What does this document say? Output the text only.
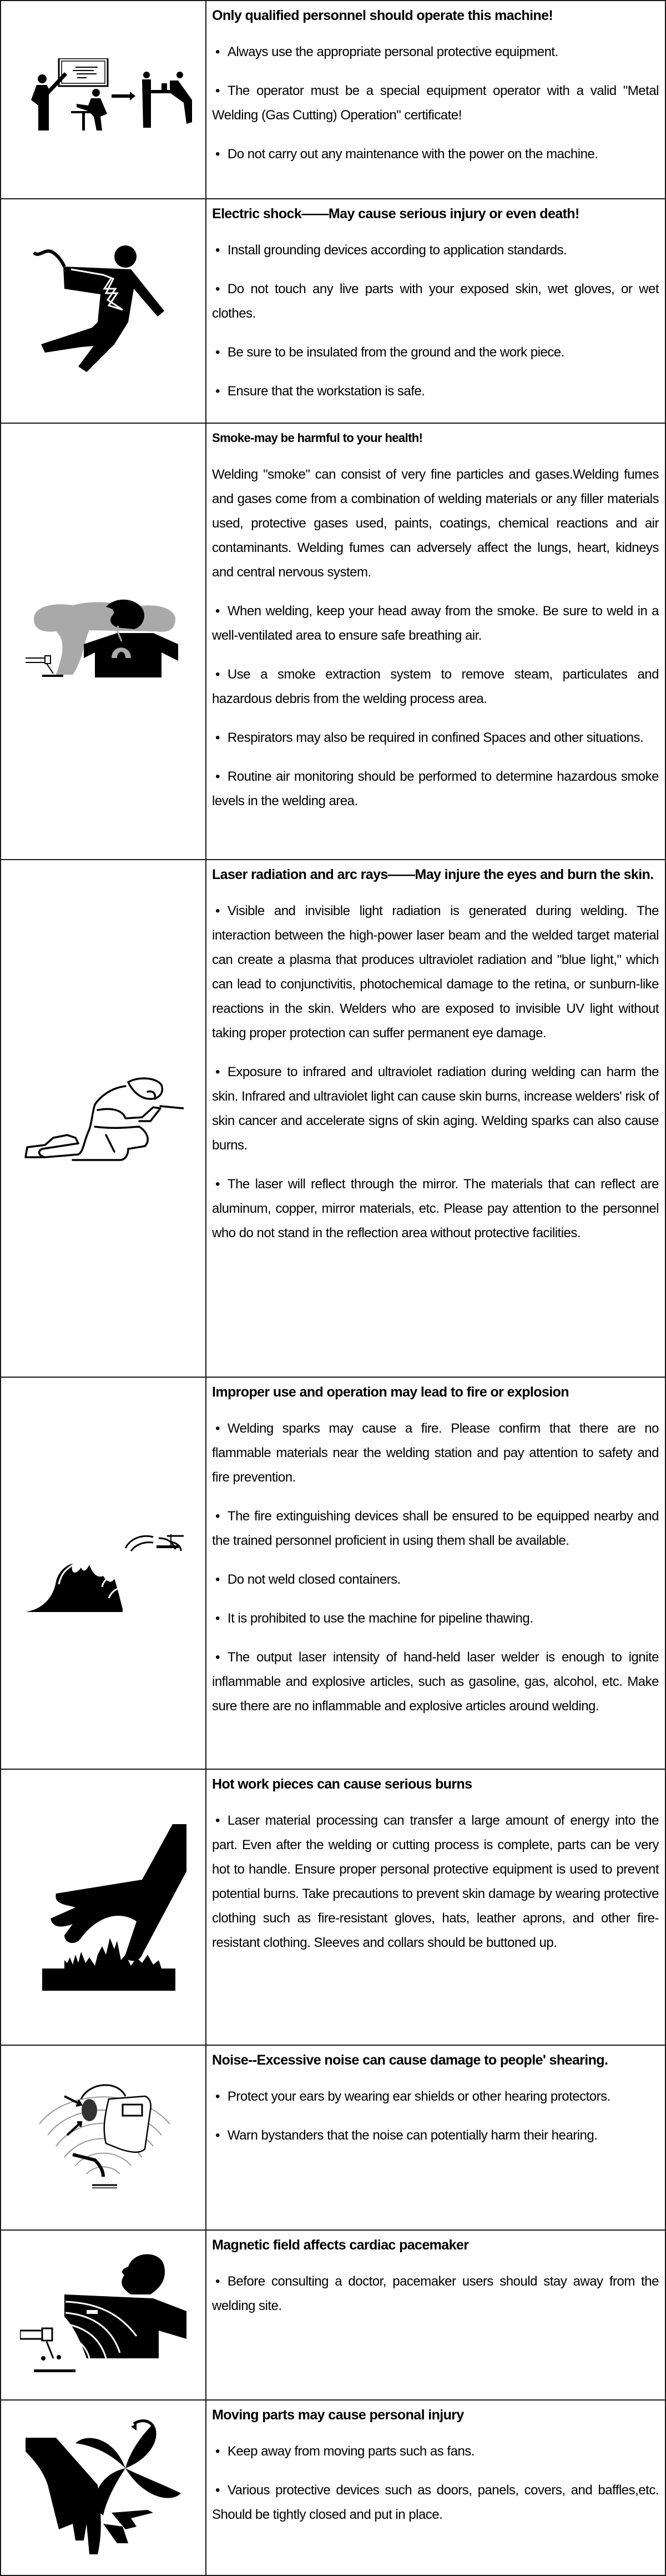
Only qualified personnel should operate this machine!

• Always use the appropriate personal protective equipment.

• The operator must be a special equipment operator with a valid "Metal Welding (Gas Cutting) Operation" certificate!

• Do not carry out any maintenance with the power on the machine.

Electric shock——May cause serious injury or even death!

• Install grounding devices according to application standards.

• Do not touch any live parts with your exposed skin, wet gloves, or wet clothes.

• Be sure to be insulated from the ground and the work piece.

• Ensure that the workstation is safe.

Smoke-may be harmful to your health!

Welding "smoke" can consist of very fine particles and gases.Welding fumes and gases come from a combination of welding materials or any filler materials used, protective gases used, paints, coatings, chemical reactions and air contaminants. Welding fumes can adversely affect the lungs, heart, kidneys and central nervous system.

• When welding, keep your head away from the smoke. Be sure to weld in a well-ventilated area to ensure safe breathing air.

• Use a smoke extraction system to remove steam, particulates and hazardous debris from the welding process area.

• Respirators may also be required in confined Spaces and other situations.

• Routine air monitoring should be performed to determine hazardous smoke levels in the welding area.

Laser radiation and arc rays——May injure the eyes and burn the skin.

• Visible and invisible light radiation is generated during welding. The interaction between the high-power laser beam and the welded target material can create a plasma that produces ultraviolet radiation and "blue light," which can lead to conjunctivitis, photochemical damage to the retina, or sunburn-like reactions in the skin. Welders who are exposed to invisible UV light without taking proper protection can suffer permanent eye damage.

• Exposure to infrared and ultraviolet radiation during welding can harm the skin. Infrared and ultraviolet light can cause skin burns, increase welders' risk of skin cancer and accelerate signs of skin aging. Welding sparks can also cause burns.

• The laser will reflect through the mirror. The materials that can reflect are aluminum, copper, mirror materials, etc. Please pay attention to the personnel who do not stand in the reflection area without protective facilities.

Improper use and operation may lead to fire or explosion

• Welding sparks may cause a fire. Please confirm that there are no flammable materials near the welding station and pay attention to safety and fire prevention.

• The fire extinguishing devices shall be ensured to be equipped nearby and the trained personnel proficient in using them shall be available.

• Do not weld closed containers.

• It is prohibited to use the machine for pipeline thawing.

• The output laser intensity of hand-held laser welder is enough to ignite inflammable and explosive articles, such as gasoline, gas, alcohol, etc. Make sure there are no inflammable and explosive articles around welding.

Hot work pieces can cause serious burns

• Laser material processing can transfer a large amount of energy into the part. Even after the welding or cutting process is complete, parts can be very hot to handle. Ensure proper personal protective equipment is used to prevent potential burns. Take precautions to prevent skin damage by wearing protective clothing such as fire-resistant gloves, hats, leather aprons, and other fire-resistant clothing. Sleeves and collars should be buttoned up.

Noise--Excessive noise can cause damage to people' shearing.

• Protect your ears by wearing ear shields or other hearing protectors.

• Warn bystanders that the noise can potentially harm their hearing.

Magnetic field affects cardiac pacemaker

• Before consulting a doctor, pacemaker users should stay away from the welding site.

Moving parts may cause personal injury

• Keep away from moving parts such as fans.

• Various protective devices such as doors, panels, covers, and baffles,etc. Should be tightly closed and put in place.
